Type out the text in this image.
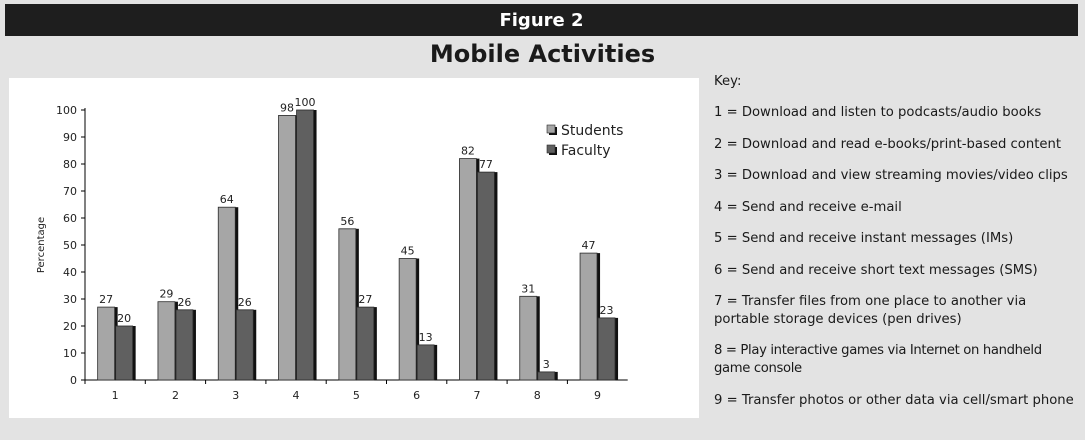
Figure 2
Mobile Activities
0
10
20
30
40
50
60
70
80
90
100
Percentage
1
27
20
2
29
26
3
64
26
4
98 100
5
56
27
6
45
13
7
82
77
8
31
3
9
47
23
Students
Faculty
Key:
1 = Download and listen to podcasts/audio books
2 = Download and read e-books/print-based content
3 = Download and view streaming movies/video clips
4 = Send and receive e-mail
5 = Send and receive instant messages (IMs)
6 = Send and receive short text messages (SMS)
7 = Transfer files from one place to another via portable storage devices (pen drives)
8 = Play interactive games via Internet on handheld game console
9 = Transfer photos or other data via cell/smart phone
